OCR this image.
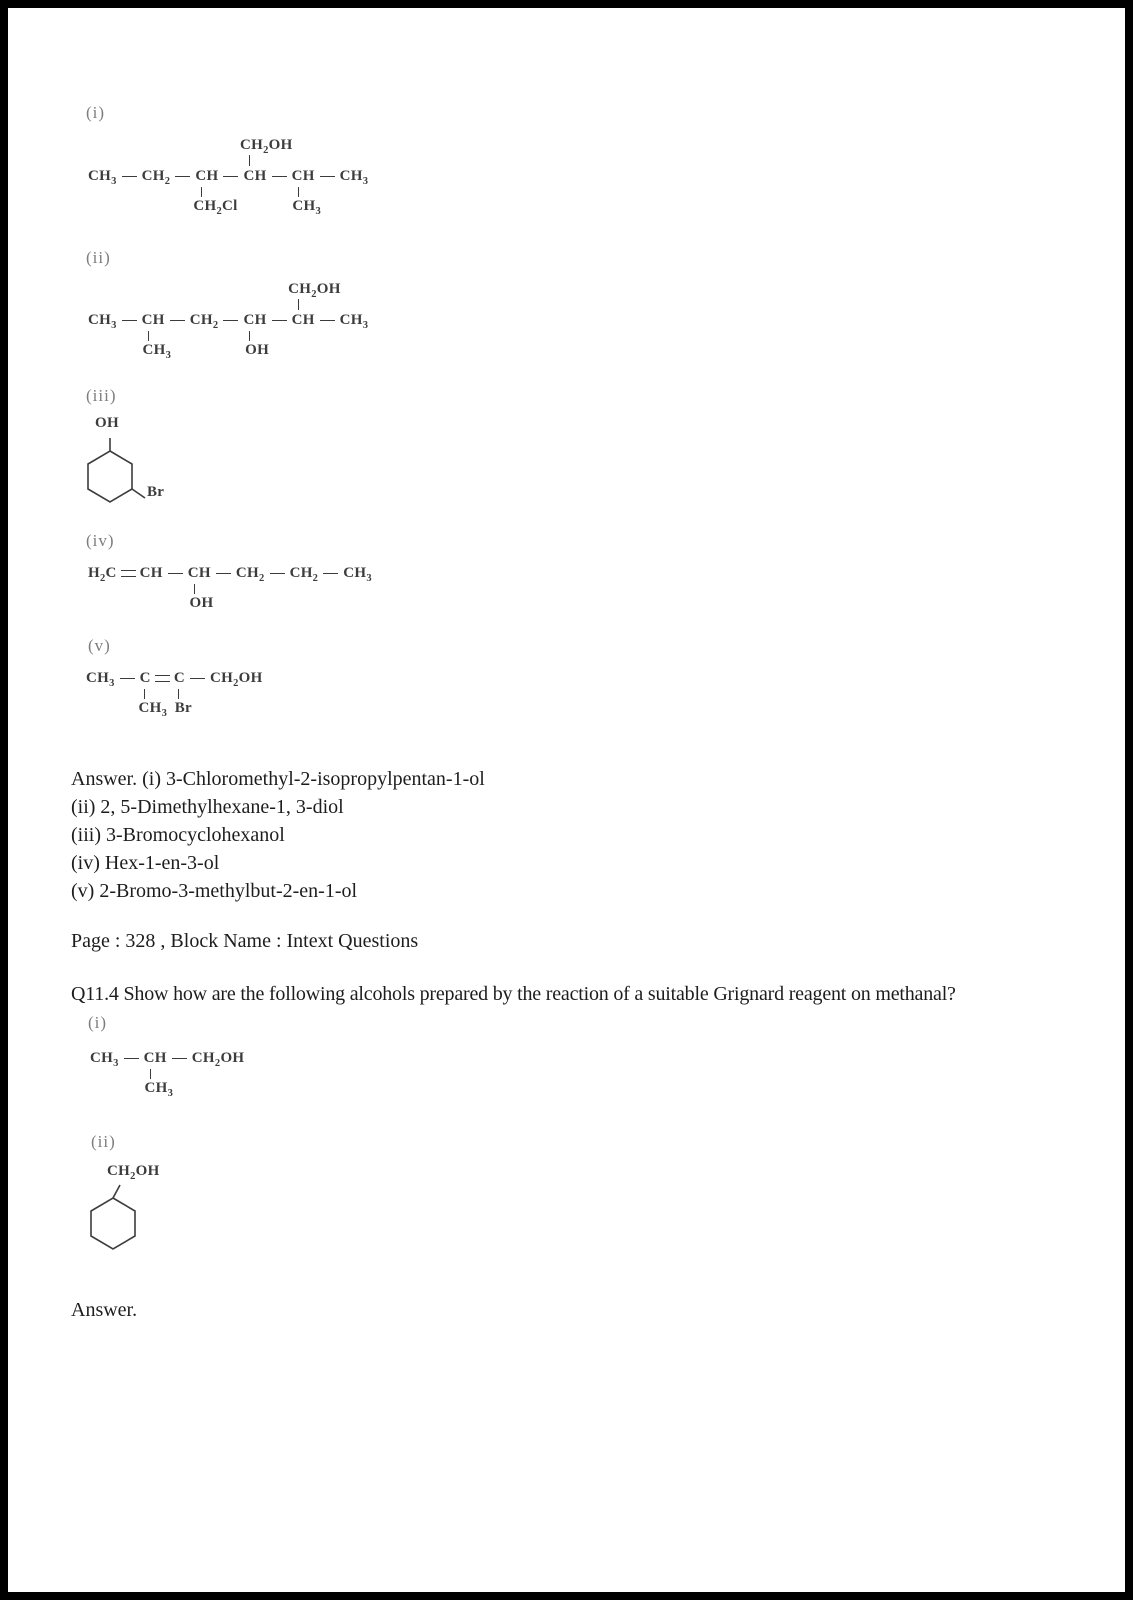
(i)
$CH_3$ $CH_2$ CH
$CH_2Cl$
CH
$CH_2OH$
CH
$CH_3$
$CH_3$
(ii)
$CH_3$ CH
$CH_3$
$CH_2$ CH
OH
CH
$CH_2OH$
$CH_3$
(iii)
OH
Br
(iv)
$H_2C$ CH CH
OH
$CH_2$ $CH_2$ $CH_3$
(v)
$CH_3$ C
$CH_3$
C
Br
$CH_2OH$
Answer. (i) 3-Chloromethyl-2-isopropylpentan-1-ol
(ii) 2, 5-Dimethylhexane-1, 3-diol
(iii) 3-Bromocyclohexanol
(iv) Hex-1-en-3-ol
(v) 2-Bromo-3-methylbut-2-en-1-ol
Page : 328 , Block Name : Intext Questions
Q11.4 Show how are the following alcohols prepared by the reaction of a suitable Grignard reagent on methanal?
(i)
$CH_3$ CH
$CH_3$
$CH_2OH$
(ii)
$CH_2OH$
Answer.
